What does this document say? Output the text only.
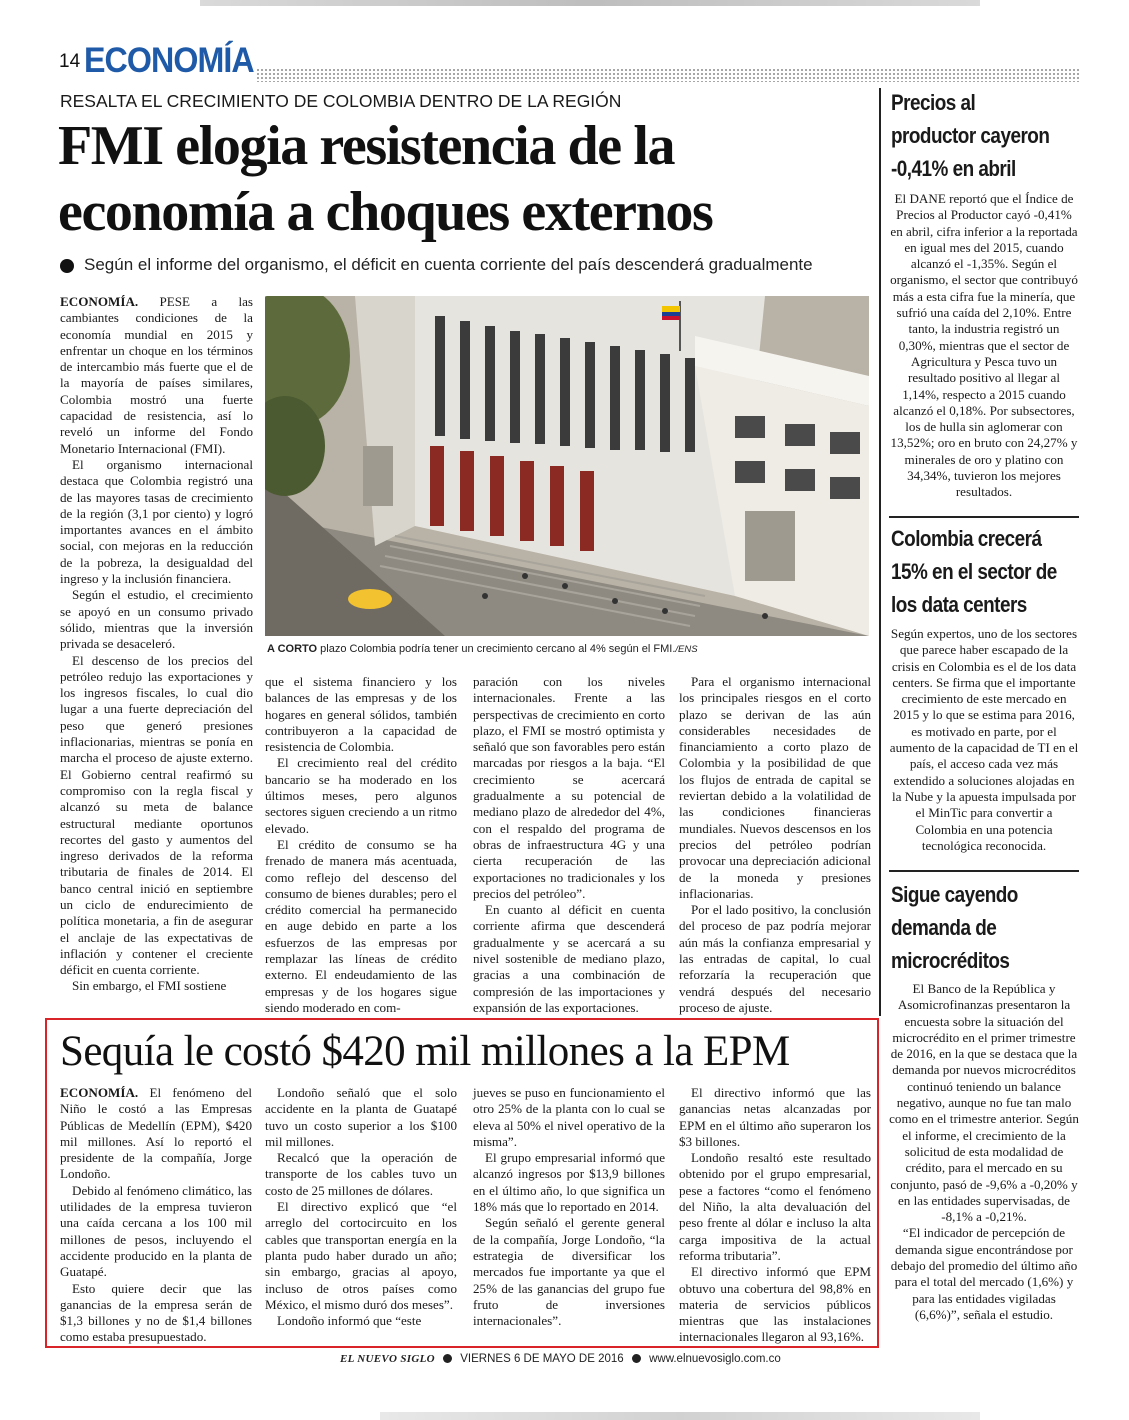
14 ECONOMÍA
RESALTA EL CRECIMIENTO DE COLOMBIA DENTRO DE LA REGIÓN
FMI elogia resistencia de la
economía a choques externos
Según el informe del organismo, el déficit en cuenta corriente del país descenderá gradualmente
A CORTO plazo Colombia podría tener un crecimiento cercano al 4% según el FMI./ENS

ECONOMÍA. PESE a las cambiantes condiciones de la economía mundial en 2015 y enfrentar un choque en los términos de intercambio más fuerte que el de la mayoría de países similares, Colombia mostró una fuerte capacidad de resistencia, así lo reveló un informe del Fondo Monetario Internacional (FMI).

El organismo internacional destaca que Colombia registró una de las mayores tasas de crecimiento de la región (3,1 por ciento) y logró importantes avances en el ámbito social, con mejoras en la reducción de la pobreza, la desigualdad del ingreso y la inclusión financiera.

Según el estudio, el crecimiento se apoyó en un consumo privado sólido, mientras que la inversión privada se desaceleró.

El descenso de los precios del petróleo redujo las exportaciones y los ingresos fiscales, lo cual dio lugar a una fuerte depreciación del peso que generó presiones inflacionarias, mientras se ponía en marcha el proceso de ajuste externo. El Gobierno central reafirmó su compromiso con la regla fiscal y alcanzó su meta de balance estructural mediante oportunos recortes del gasto y aumentos del ingreso derivados de la reforma tributaria de finales de 2014. El banco central inició en septiembre un ciclo de endurecimiento de política monetaria, a fin de asegurar el anclaje de las expectativas de inflación y contener el creciente déficit en cuenta corriente.

Sin embargo, el FMI sostiene

que el sistema financiero y los balances de las empresas y de los hogares en general sólidos, también contribuyeron a la capacidad de resistencia de Colombia.

El crecimiento real del crédito bancario se ha moderado en los últimos meses, pero algunos sectores siguen creciendo a un ritmo elevado.

El crédito de consumo se ha frenado de manera más acentuada, como reflejo del descenso del consumo de bienes durables; pero el crédito comercial ha permanecido en auge debido en parte a los esfuerzos de las empresas por remplazar las líneas de crédito externo. El endeudamiento de las empresas y de los hogares sigue siendo moderado en com-

paración con los niveles internacionales. Frente a las perspectivas de crecimiento en corto plazo, el FMI se mostró optimista y señaló que son favorables pero están marcadas por riesgos a la baja. “El crecimiento se acercará gradualmente a su potencial de mediano plazo de alrededor del 4%, con el respaldo del programa de obras de infraestructura 4G y una cierta recuperación de las exportaciones no tradicionales y los precios del petróleo”.

En cuanto al déficit en cuenta corriente afirma que descenderá gradualmente y se acercará a su nivel sostenible de mediano plazo, gracias a una combinación de compresión de las importaciones y expansión de las exportaciones.

Para el organismo internacional los principales riesgos en el corto plazo se derivan de las aún considerables necesidades de financiamiento a corto plazo de Colombia y la posibilidad de que los flujos de entrada de capital se reviertan debido a la volatilidad de las condiciones financieras mundiales. Nuevos descensos en los precios del petróleo podrían provocar una depreciación adicional de la moneda y presiones inflacionarias.

Por el lado positivo, la conclusión del proceso de paz podría mejorar aún más la confianza empresarial y las entradas de capital, lo cual reforzaría la recuperación que vendrá después del necesario proceso de ajuste.

Precios al
productor cayeron
-0,41% en abril
El DANE reportó que el Índice de Precios al Productor cayó -0,41% en abril, cifra inferior a la reportada en igual mes del 2015, cuando alcanzó el -1,35%. Según el organismo, el sector que contribuyó más a esta cifra fue la minería, que sufrió una caída del 2,10%. Entre tanto, la industria registró un 0,30%, mientras que el sector de Agricultura y Pesca tuvo un resultado positivo al llegar al 1,14%, respecto a 2015 cuando alcanzó el 0,18%. Por subsectores, los de hulla sin aglomerar con 13,52%; oro en bruto con 24,27% y minerales de oro y platino con 34,34%, tuvieron los mejores resultados.
Colombia crecerá
15% en el sector de
los data centers
Según expertos, uno de los sectores que parece haber escapado de la crisis en Colombia es el de los data centers. Se firma que el importante crecimiento de este mercado en 2015 y lo que se estima para 2016, es motivado en parte, por el aumento de la capacidad de TI en el país, el acceso cada vez más extendido a soluciones alojadas en la Nube y la apuesta impulsada por el MinTic para convertir a Colombia en una potencia tecnológica reconocida.
Sigue cayendo
demanda de
microcréditos
El Banco de la República y Asomicrofinanzas presentaron la encuesta sobre la situación del microcrédito en el primer trimestre de 2016, en la que se destaca que la demanda por nuevos microcréditos continuó teniendo un balance negativo, aunque no fue tan malo como en el trimestre anterior. Según el informe, el crecimiento de la solicitud de esta modalidad de crédito, para el mercado en su conjunto, pasó de -9,6% a -0,20% y en las entidades supervisadas, de -8,1% a -0,21%.
“El indicador de percepción de demanda sigue encontrándose por debajo del promedio del último año para el total del mercado (1,6%) y para las entidades vigiladas (6,6%)”, señala el estudio.
Sequía le costó $420 mil millones a la EPM

ECONOMÍA. El fenómeno del Niño le costó a las Empresas Públicas de Medellín (EPM), $420 mil millones. Así lo reportó el presidente de la compañía, Jorge Londoño.

Debido al fenómeno climático, las utilidades de la empresa tuvieron una caída cercana a los 100 mil millones de pesos, incluyendo el accidente producido en la planta de Guatapé.

Esto quiere decir que las ganancias de la empresa serán de $1,3 billones y no de $1,4 billones como estaba presupuestado.

Londoño señaló que el solo accidente en la planta de Guatapé tuvo un costo superior a los $100 mil millones.

Recalcó que la operación de transporte de los cables tuvo un costo de 25 millones de dólares.

El directivo explicó que “el arreglo del cortocircuito en los cables que transportan energía en la planta pudo haber durado un año; sin embargo, gracias al apoyo, incluso de otros países como México, el mismo duró dos meses”.

Londoño informó que “este

jueves se puso en funcionamiento el otro 25% de la planta con lo cual se eleva al 50% el nivel operativo de la misma”.

El grupo empresarial informó que alcanzó ingresos por $13,9 billones en el último año, lo que significa un 18% más que lo reportado en 2014.

Según señaló el gerente general de la compañía, Jorge Londoño, “la estrategia de diversificar los mercados fue importante ya que el 25% de las ganancias del grupo fue fruto de inversiones internacionales”.

El directivo informó que las ganancias netas alcanzadas por EPM en el último año superaron los $3 billones.

Londoño resaltó este resultado obtenido por el grupo empresarial, pese a factores “como el fenómeno del Niño, la alta devaluación del peso frente al dólar e incluso la alta carga impositiva de la actual reforma tributaria”.

El directivo informó que EPM obtuvo una cobertura del 98,8% en materia de servicios públicos mientras que las instalaciones internacionales llegaron al 93,16%.

EL NUEVO SIGLO VIERNES 6 DE MAYO DE 2016 www.elnuevosiglo.com.co
